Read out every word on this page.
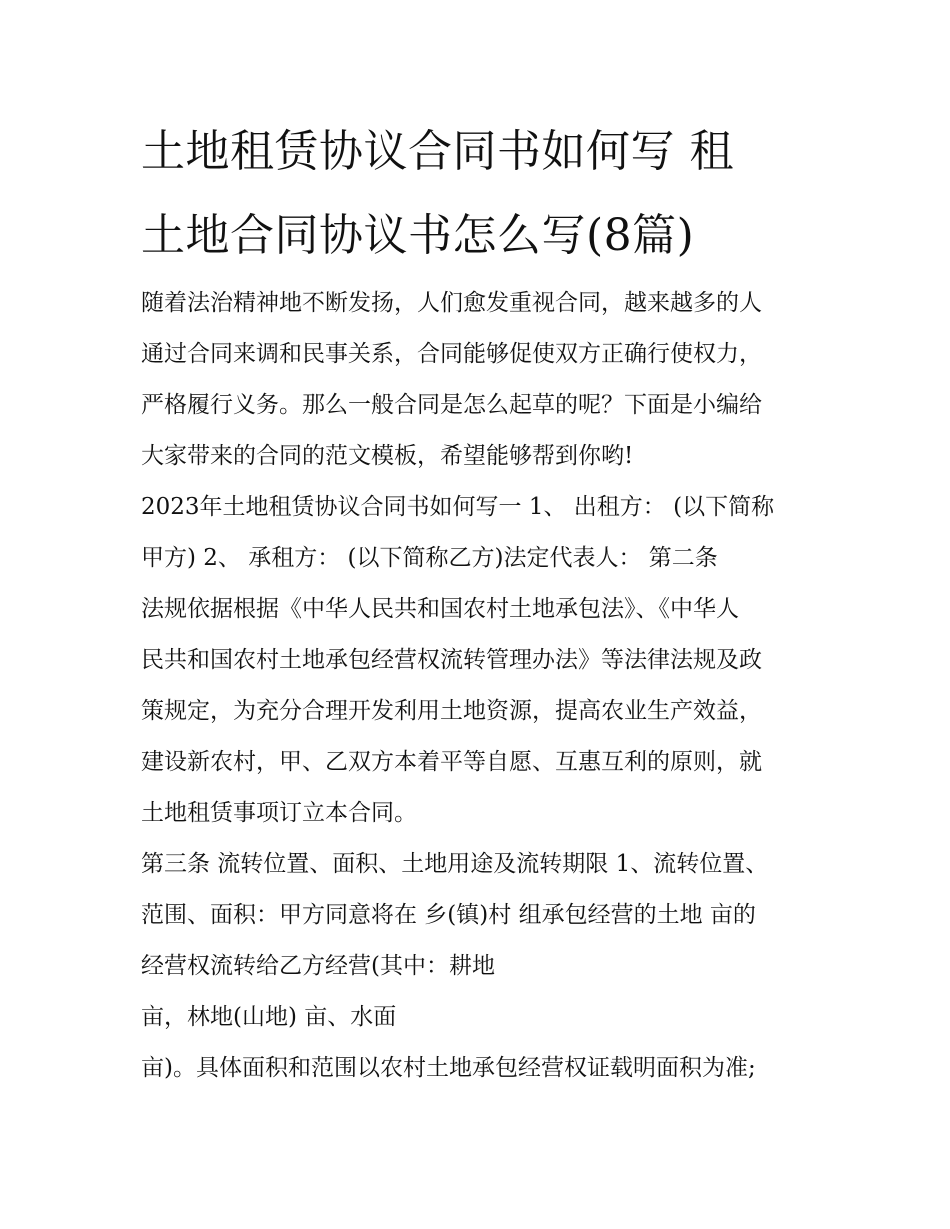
土地租赁协议合同书如何写 租
土地合同协议书怎么写(8篇)
随着法治精神地不断发扬，人们愈发重视合同，越来越多的人
通过合同来调和民事关系，合同能够促使双方正确行使权力，
严格履行义务。那么一般合同是怎么起草的呢？下面是小编给
大家带来的合同的范文模板，希望能够帮到你哟!
2023年土地租赁协议合同书如何写一 1、 出租方： (以下简称
甲方) 2、 承租方： (以下简称乙方)法定代表人： 第二条
法规依据根据《中华人民共和国农村土地承包法》、《中华人
民共和国农村土地承包经营权流转管理办法》等法律法规及政
策规定，为充分合理开发利用土地资源，提高农业生产效益，
建设新农村，甲、乙双方本着平等自愿、互惠互利的原则，就
土地租赁事项订立本合同。
第三条 流转位置、面积、土地用途及流转期限 1、流转位置、
范围、面积：甲方同意将在 乡(镇)村 组承包经营的土地 亩的
经营权流转给乙方经营(其中：耕地
亩，林地(山地) 亩、水面
亩)。具体面积和范围以农村土地承包经营权证载明面积为准;
